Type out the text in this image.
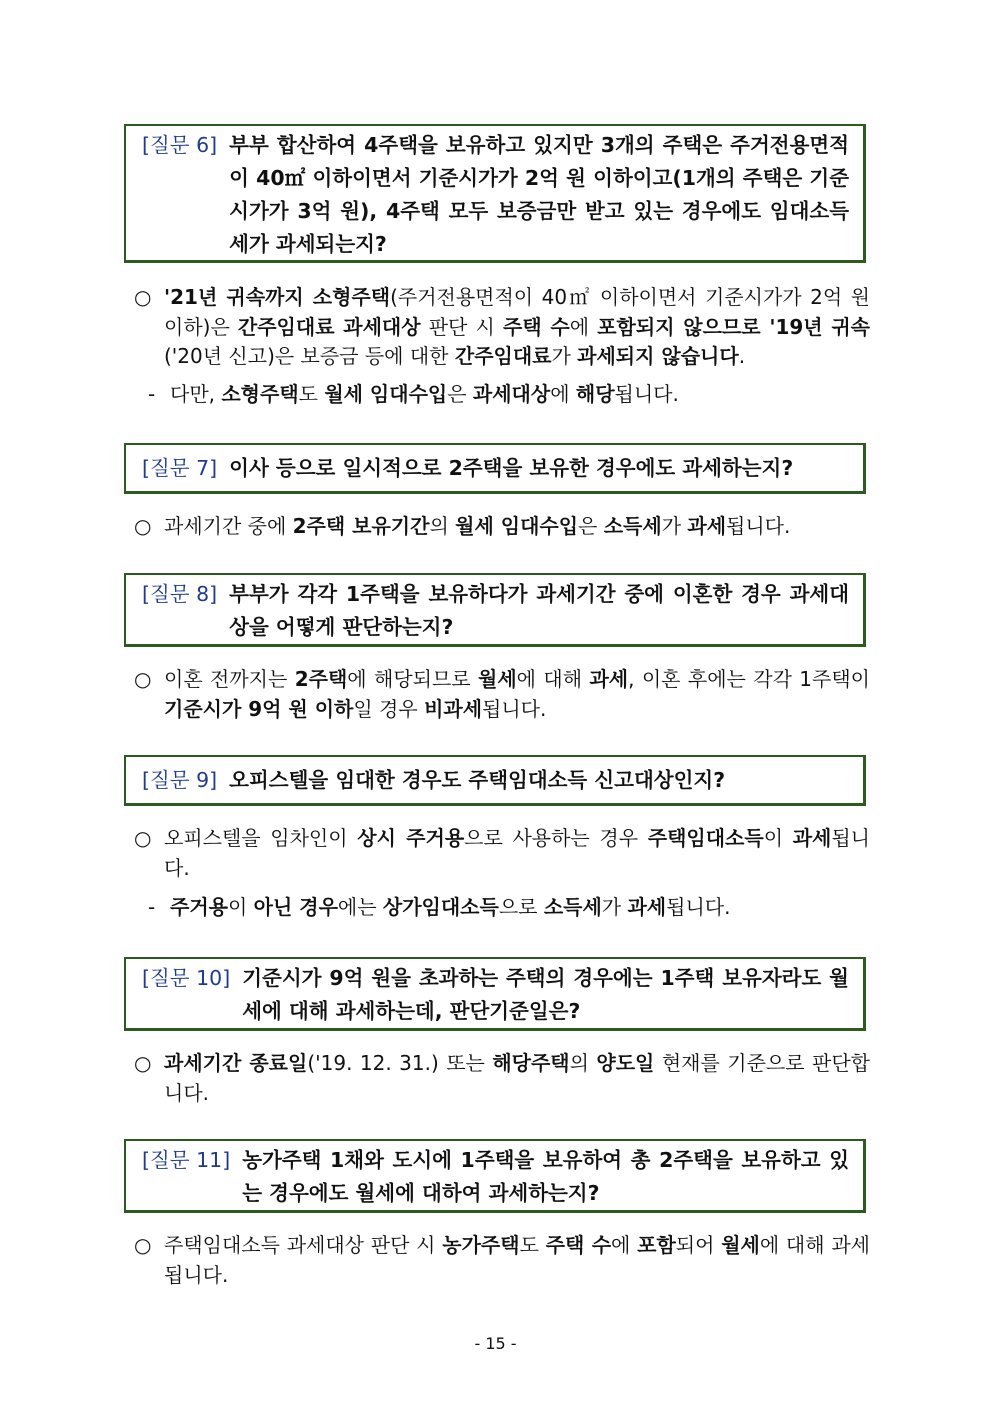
[질문 6] 부부 합산하여 4주택을 보유하고 있지만 3개의 주택은 주거전용면적이 40㎡ 이하이면서 기준시가가 2억 원 이하이고(1개의 주택은 기준시가가 3억 원), 4주택 모두 보증금만 받고 있는 경우에도 임대소득세가 과세되는지?
○ '21년 귀속까지 소형주택(주거전용면적이 40㎡ 이하이면서 기준시가가 2억 원 이하)은 간주임대료 과세대상 판단 시 주택 수에 포함되지 않으므로 '19년 귀속('20년 신고)은 보증금 등에 대한 간주임대료가 과세되지 않습니다.
- 다만, 소형주택도 월세 임대수입은 과세대상에 해당됩니다.
[질문 7] 이사 등으로 일시적으로 2주택을 보유한 경우에도 과세하는지?
○ 과세기간 중에 2주택 보유기간의 월세 임대수입은 소득세가 과세됩니다.
[질문 8] 부부가 각각 1주택을 보유하다가 과세기간 중에 이혼한 경우 과세대상을 어떻게 판단하는지?
○ 이혼 전까지는 2주택에 해당되므로 월세에 대해 과세, 이혼 후에는 각각 1주택이 기준시가 9억 원 이하일 경우 비과세됩니다.
[질문 9] 오피스텔을 임대한 경우도 주택임대소득 신고대상인지?
○ 오피스텔을 임차인이 상시 주거용으로 사용하는 경우 주택임대소득이 과세됩니다.
- 주거용이 아닌 경우에는 상가임대소득으로 소득세가 과세됩니다.
[질문 10] 기준시가 9억 원을 초과하는 주택의 경우에는 1주택 보유자라도 월세에 대해 과세하는데, 판단기준일은?
○ 과세기간 종료일('19. 12. 31.) 또는 해당주택의 양도일 현재를 기준으로 판단합니다.
[질문 11] 농가주택 1채와 도시에 1주택을 보유하여 총 2주택을 보유하고 있는 경우에도 월세에 대하여 과세하는지?
○ 주택임대소득 과세대상 판단 시 농가주택도 주택 수에 포함되어 월세에 대해 과세됩니다.
- 15 -
